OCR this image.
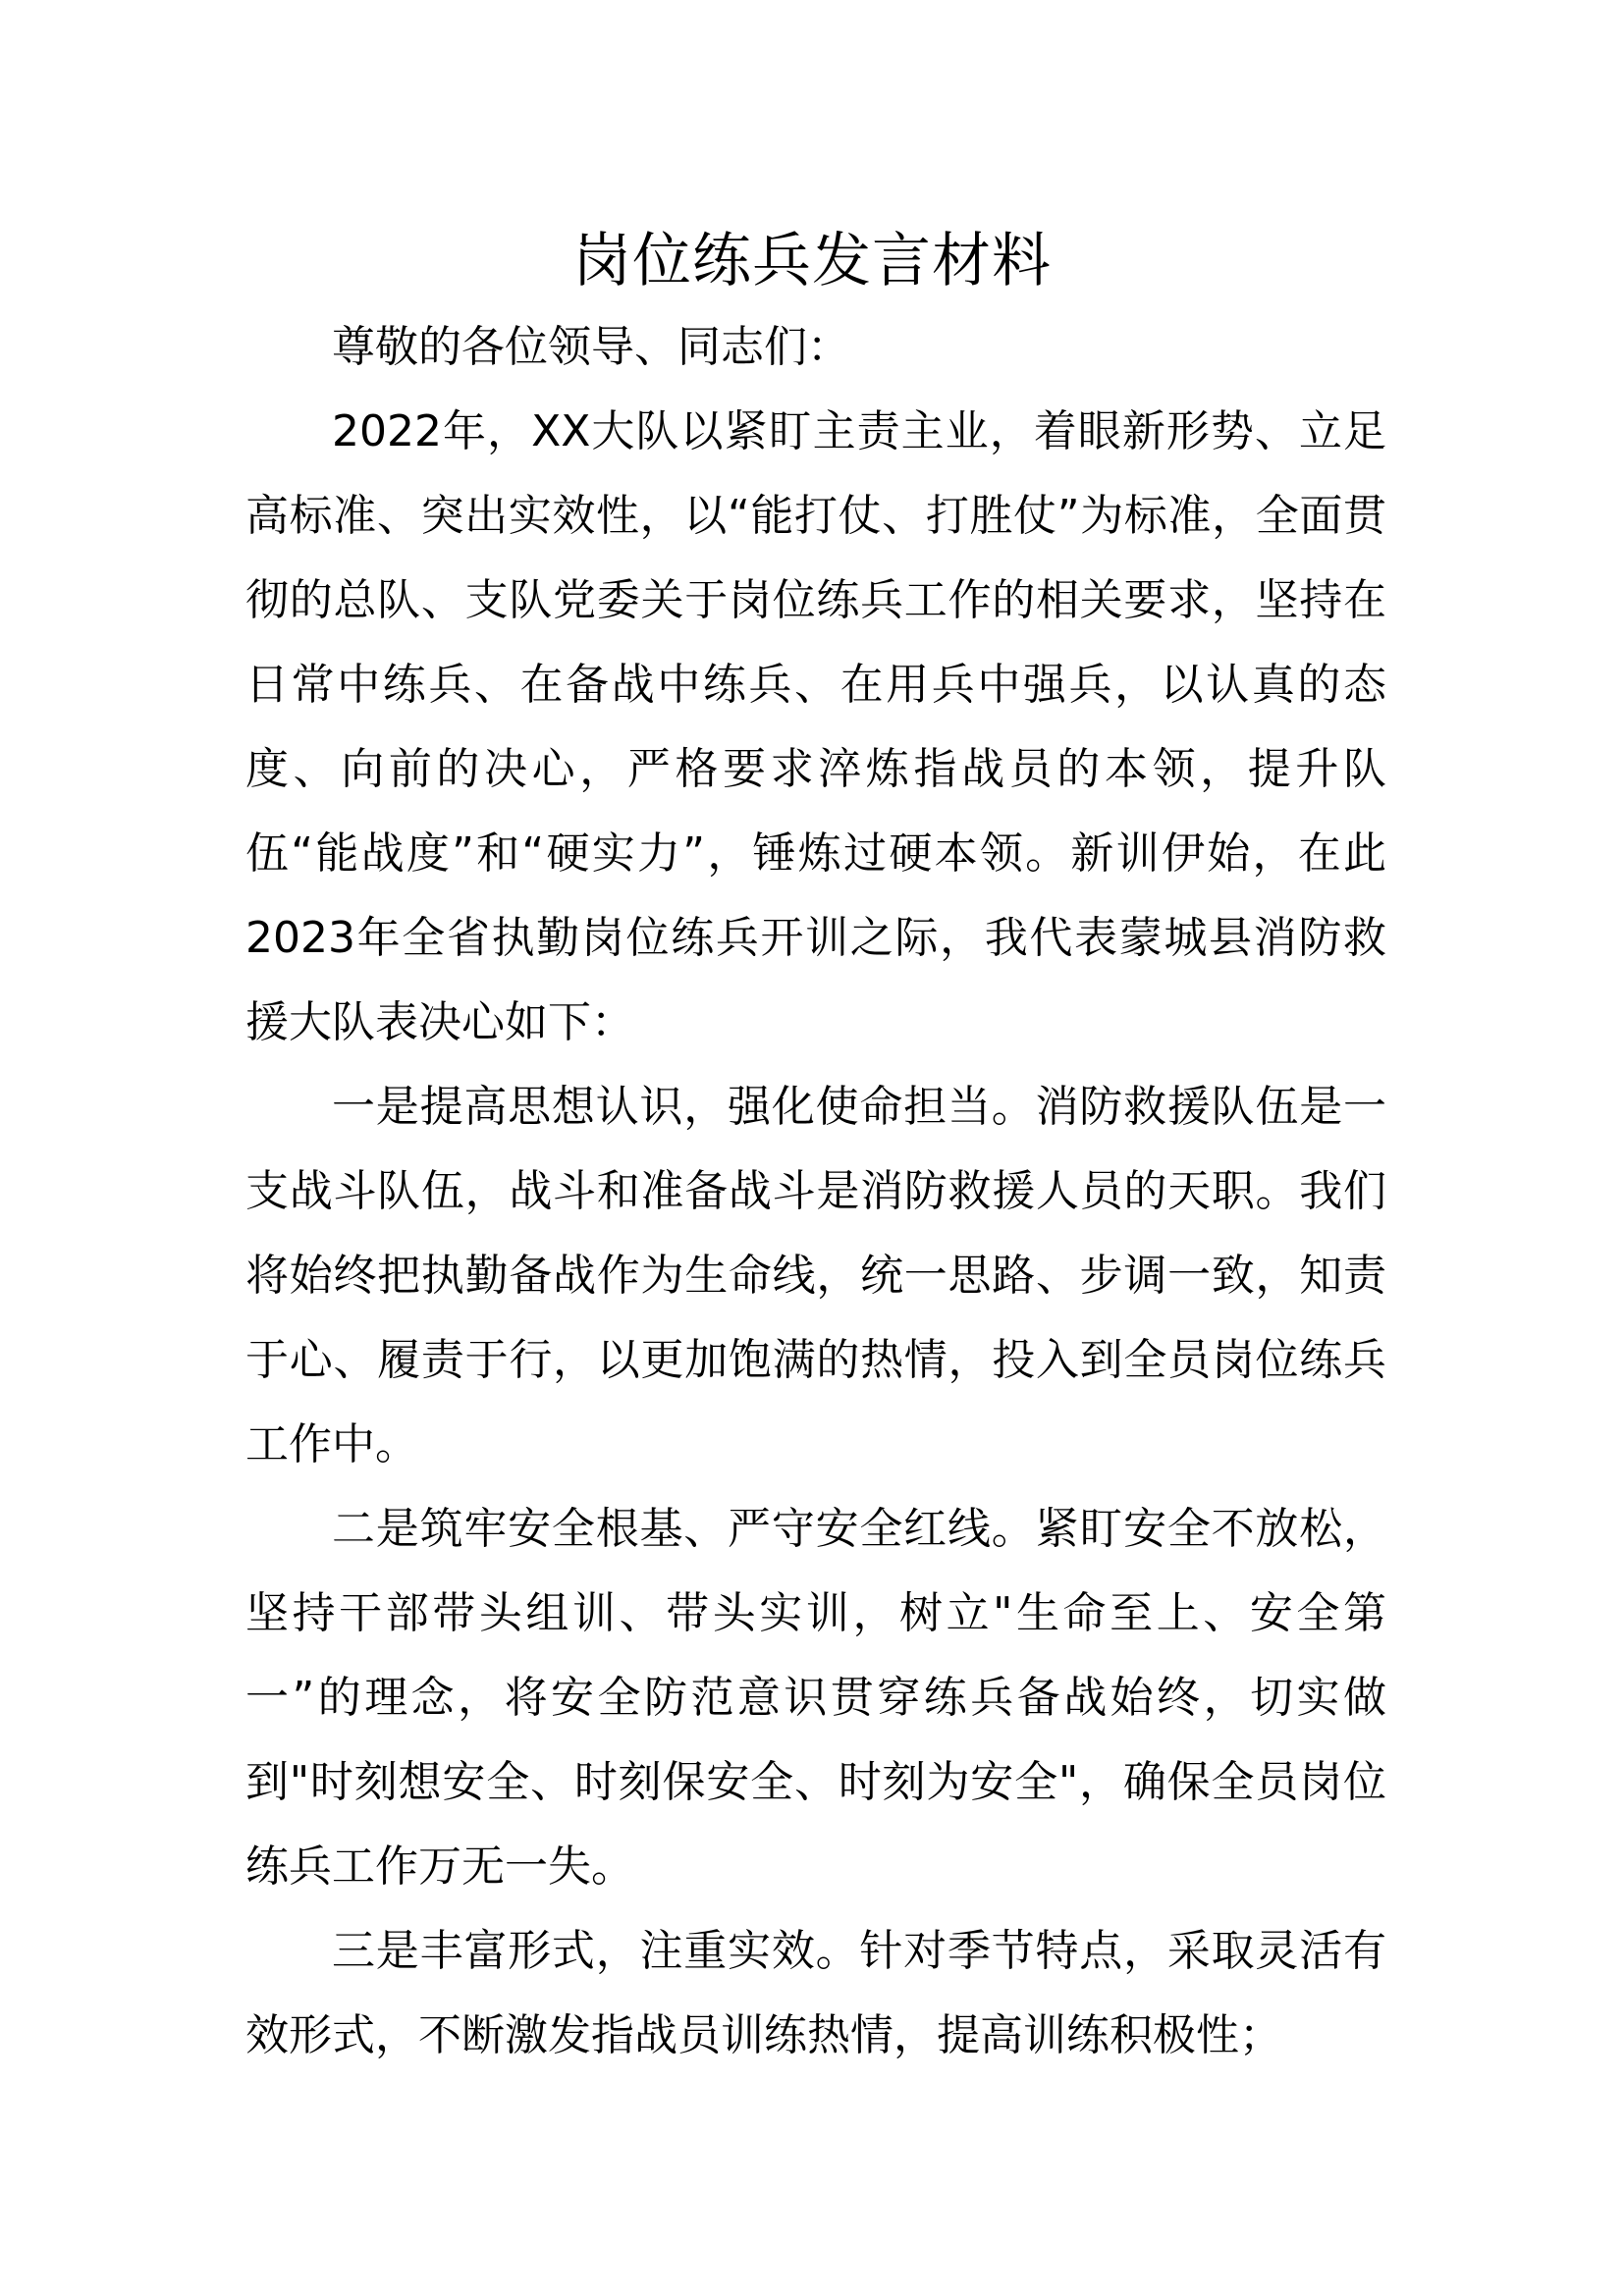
岗位练兵发言材料

尊敬的各位领导、同志们：

2022年，XX大队以紧盯主责主业，着眼新形势、立足高标准、突出实效性，以“能打仗、打胜仗”为标准，全面贯彻的总队、支队党委关于岗位练兵工作的相关要求，坚持在日常中练兵、在备战中练兵、在用兵中强兵，以认真的态度、向前的决心，严格要求淬炼指战员的本领，提升队伍“能战度”和“硬实力”，锤炼过硬本领。新训伊始，在此2023年全省执勤岗位练兵开训之际，我代表蒙城县消防救援大队表决心如下：

一是提高思想认识，强化使命担当。消防救援队伍是一支战斗队伍，战斗和准备战斗是消防救援人员的天职。我们将始终把执勤备战作为生命线，统一思路、步调一致，知责于心、履责于行，以更加饱满的热情，投入到全员岗位练兵工作中。

二是筑牢安全根基、严守安全红线。紧盯安全不放松，坚持干部带头组训、带头实训，树立"生命至上、安全第一”的理念，将安全防范意识贯穿练兵备战始终，切实做到"时刻想安全、时刻保安全、时刻为安全"，确保全员岗位练兵工作万无一失。

三是丰富形式，注重实效。针对季节特点，采取灵活有效形式，不断激发指战员训练热情，提高训练积极性；
